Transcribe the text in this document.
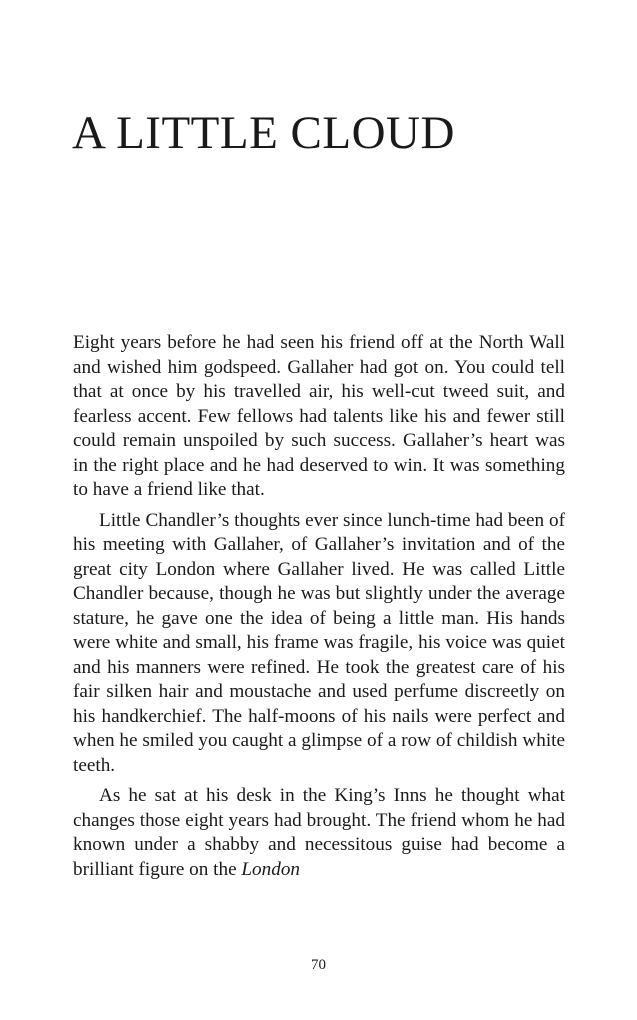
A LITTLE CLOUD

Eight years before he had seen his friend off at the North Wall and wished him godspeed. Gallaher had got on. You could tell that at once by his travelled air, his well-cut tweed suit, and fearless accent. Few fellows had talents like his and fewer still could remain unspoiled by such success. Gallaher’s heart was in the right place and he had deserved to win. It was something to have a friend like that.

Little Chandler’s thoughts ever since lunch-time had been of his meeting with Gallaher, of Gallaher’s invitation and of the great city London where Gallaher lived. He was called Little Chandler because, though he was but slightly under the average stature, he gave one the idea of being a little man. His hands were white and small, his frame was fragile, his voice was quiet and his manners were refined. He took the greatest care of his fair silken hair and moustache and used perfume discreetly on his handkerchief. The half-moons of his nails were perfect and when he smiled you caught a glimpse of a row of childish white teeth.

As he sat at his desk in the King’s Inns he thought what changes those eight years had brought. The friend whom he had known under a shabby and necessitous guise had become a brilliant figure on the London

70
